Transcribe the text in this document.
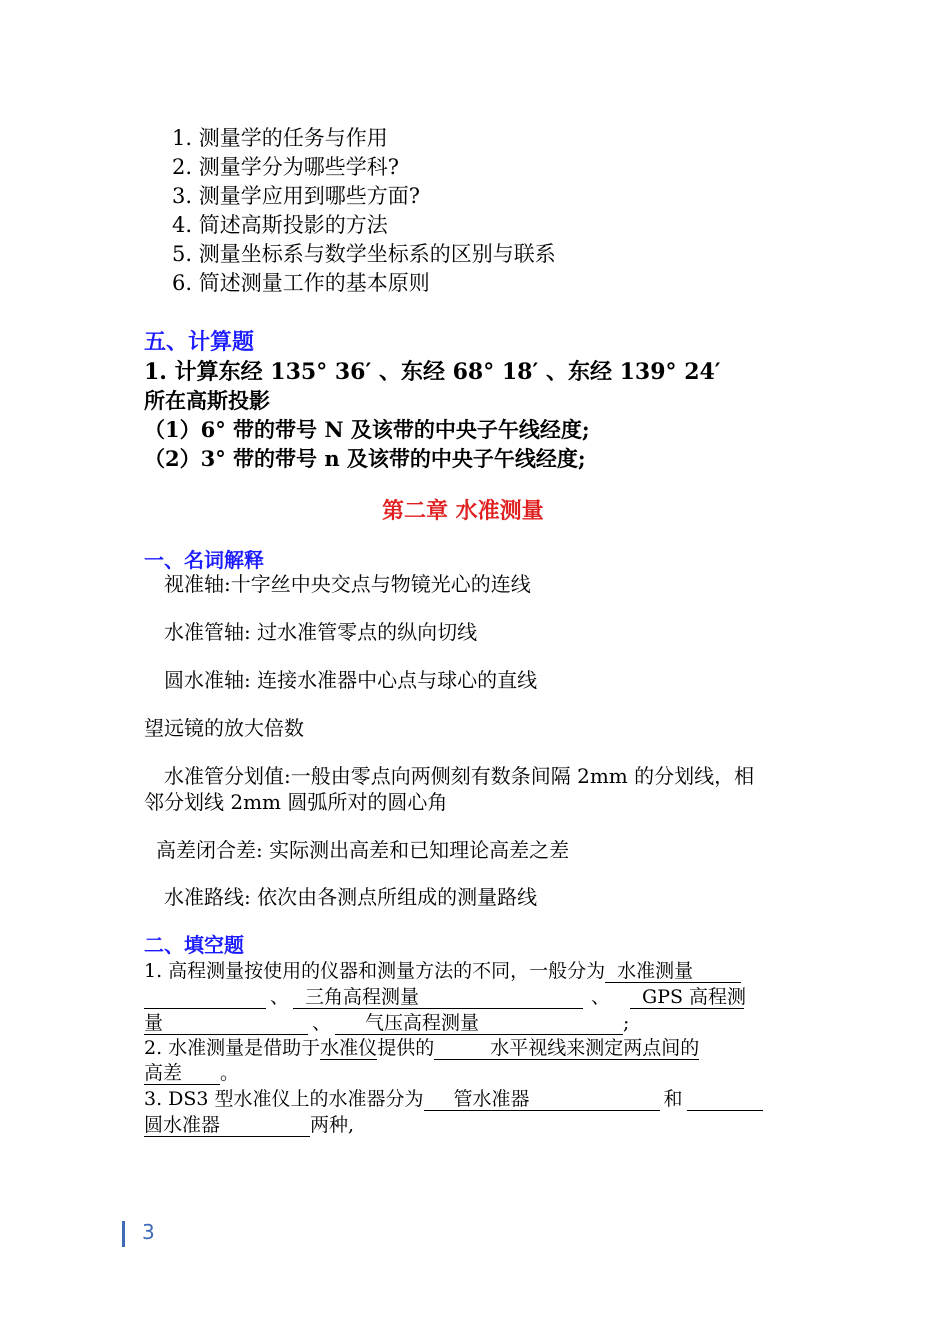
1. 测量学的任务与作用
2. 测量学分为哪些学科?
3. 测量学应用到哪些方面?
4. 简述高斯投影的方法
5. 测量坐标系与数学坐标系的区别与联系
6. 简述测量工作的基本原则
五、计算题
1. 计算东经 135° 36′ 、东经 68° 18′ 、东经 139° 24′
所在高斯投影
（1）6° 带的带号 N 及该带的中央子午线经度;
（2）3° 带的带号 n 及该带的中央子午线经度;
第二章 水准测量
一、名词解释
视准轴:十字丝中央交点与物镜光心的连线
水准管轴: 过水准管零点的纵向切线
圆水准轴: 连接水准器中心点与球心的直线
望远镜的放大倍数
水准管分划值:一般由零点向两侧刻有数条间隔 2mm 的分划线，相
邻分划线 2mm 圆弧所对的圆心角
高差闭合差: 实际测出高差和已知理论高差之差
水准路线: 依次由各测点所组成的测量路线
二、填空题
1. 高程测量按使用的仪器和测量方法的不同，一般分为 水准测量
、 三角高程测量	、 GPS 高程测
量	、 气压高程测量	;
2. 水准测量是借助于水准仪提供的	水平视线来测定两点间的
高差 。
3. DS3 型水准仪上的水准器分为 管水准器	和
圆水准器	两种,
3
